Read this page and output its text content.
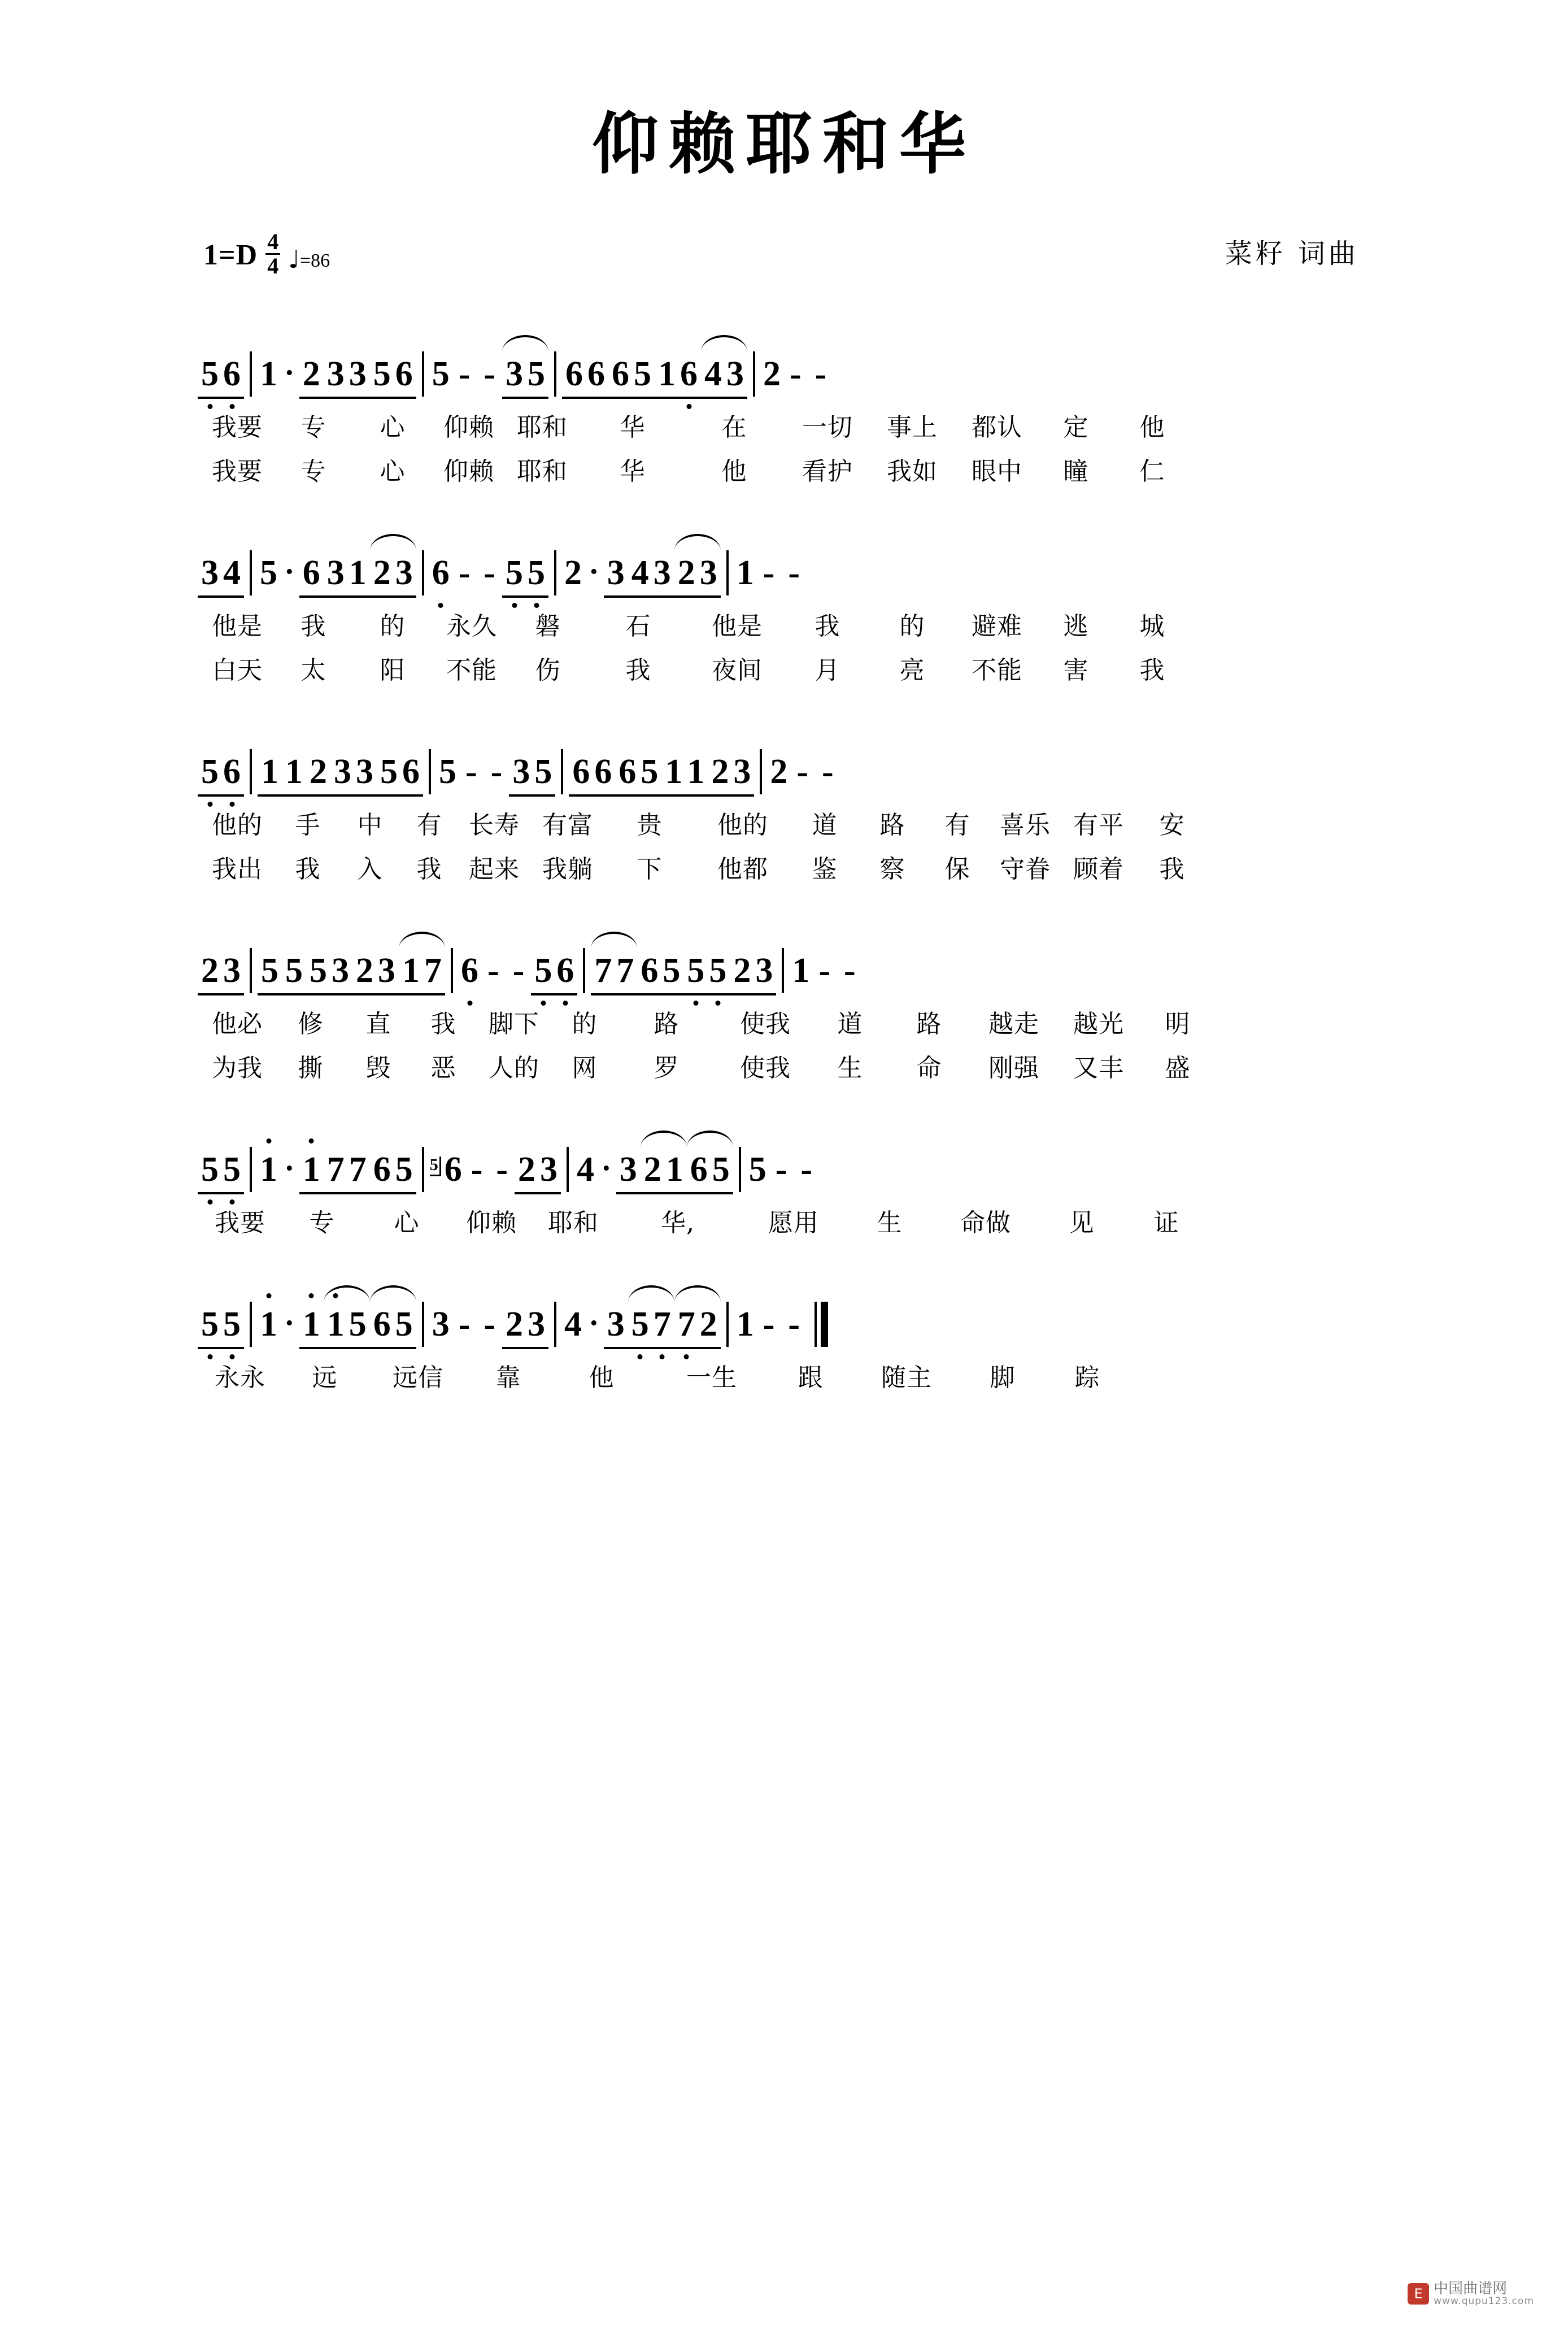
仰赖耶和华
$1=D \frac{4}{4}$ ♩=86	菜籽 词曲
5 6 1 · 2 3 3 5 6 5 - - 3 5 6 6 6 5 1 6 4 3 2 - -
我要	专	心	仰赖 耶和	华	在	一切	事上	都认	定	他
我要	专	心	仰赖 耶和	华	他	看护	我如	眼中	瞳	仁
3 4 5 · 6 3 1 2 3 6 - - 5 5 2 · 3 4 3 2 3 1 - -
他是	我	的	永久	磐	石	他是	我	的	避难	逃	城
白天	太	阳	不能	伤	我	夜间	月	亮	不能	害	我
5 6 1 1 2 3 3 5 6 5 - - 3 5 6 6 6 5 1 1 2 3 2 - -
他的	手	中	有	长寿 有富	贵	他的	道	路	有	喜乐 有平	安
我出	我	入	我	起来 我躺	下	他都	鉴	察	保	守眷 顾着	我
2 3 5 5 5 3 2 3 1 7 6 - - 5 6 7 7 6 5 5 5 2 3 1 - -
他必	修	直	我	脚下	的	路	使我	道	路	越走	越光	明
为我	撕	毁	恶	人的	网	罗	使我	生	命	刚强	又丰	盛
5 5 1 · 1 7 7 6 5 5 6 - - 2 3 4 · 3 2 1 6 5 5 - -
我要	专	心	仰赖	耶和	华,	愿用	生	命做	见	证
5 5 1 · 1 1 5 6 5 3 - - 2 3 4 · 3 5 7 7 2 1 - -
永永	远	远信	靠	他	一生	跟	随主	脚	踪
E 中国曲谱网
www.qupu123.com
